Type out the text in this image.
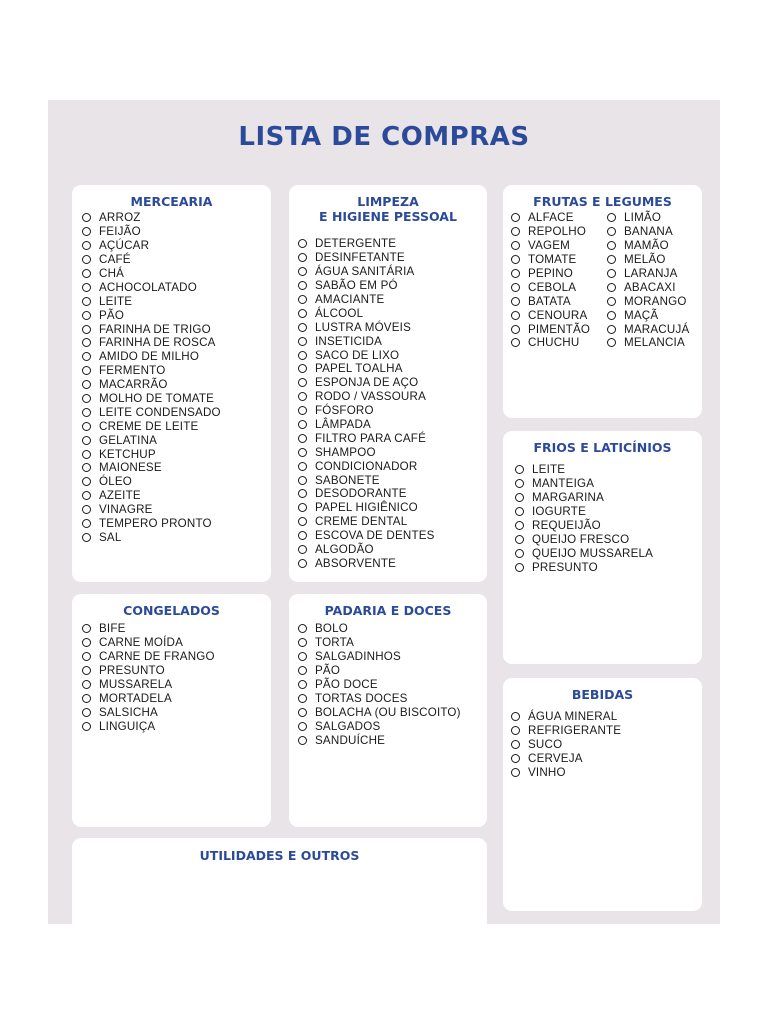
LISTA DE COMPRAS
MERCEARIA
ARROZ
FEIJÃO
AÇÚCAR
CAFÉ
CHÁ
ACHOCOLATADO
LEITE
PÃO
FARINHA DE TRIGO
FARINHA DE ROSCA
AMIDO DE MILHO
FERMENTO
MACARRÃO
MOLHO DE TOMATE
LEITE CONDENSADO
CREME DE LEITE
GELATINA
KETCHUP
MAIONESE
ÓLEO
AZEITE
VINAGRE
TEMPERO PRONTO
SAL
LIMPEZA
E HIGIENE PESSOAL
DETERGENTE
DESINFETANTE
ÁGUA SANITÁRIA
SABÃO EM PÓ
AMACIANTE
ÁLCOOL
LUSTRA MÓVEIS
INSETICIDA
SACO DE LIXO
PAPEL TOALHA
ESPONJA DE AÇO
RODO / VASSOURA
FÓSFORO
LÂMPADA
FILTRO PARA CAFÉ
SHAMPOO
CONDICIONADOR
SABONETE
DESODORANTE
PAPEL HIGIÊNICO
CREME DENTAL
ESCOVA DE DENTES
ALGODÃO
ABSORVENTE
FRUTAS E LEGUMES
ALFACE
REPOLHO
VAGEM
TOMATE
PEPINO
CEBOLA
BATATA
CENOURA
PIMENTÃO
CHUCHU
LIMÃO
BANANA
MAMÃO
MELÃO
LARANJA
ABACAXI
MORANGO
MAÇÃ
MARACUJÁ
MELANCIA
FRIOS E LATICÍNIOS
LEITE
MANTEIGA
MARGARINA
IOGURTE
REQUEIJÃO
QUEIJO FRESCO
QUEIJO MUSSARELA
PRESUNTO
CONGELADOS
BIFE
CARNE MOÍDA
CARNE DE FRANGO
PRESUNTO
MUSSARELA
MORTADELA
SALSICHA
LINGUIÇA
PADARIA E DOCES
BOLO
TORTA
SALGADINHOS
PÃO
PÃO DOCE
TORTAS DOCES
BOLACHA (OU BISCOITO)
SALGADOS
SANDUÍCHE
BEBIDAS
ÁGUA MINERAL
REFRIGERANTE
SUCO
CERVEJA
VINHO
UTILIDADES E OUTROS
